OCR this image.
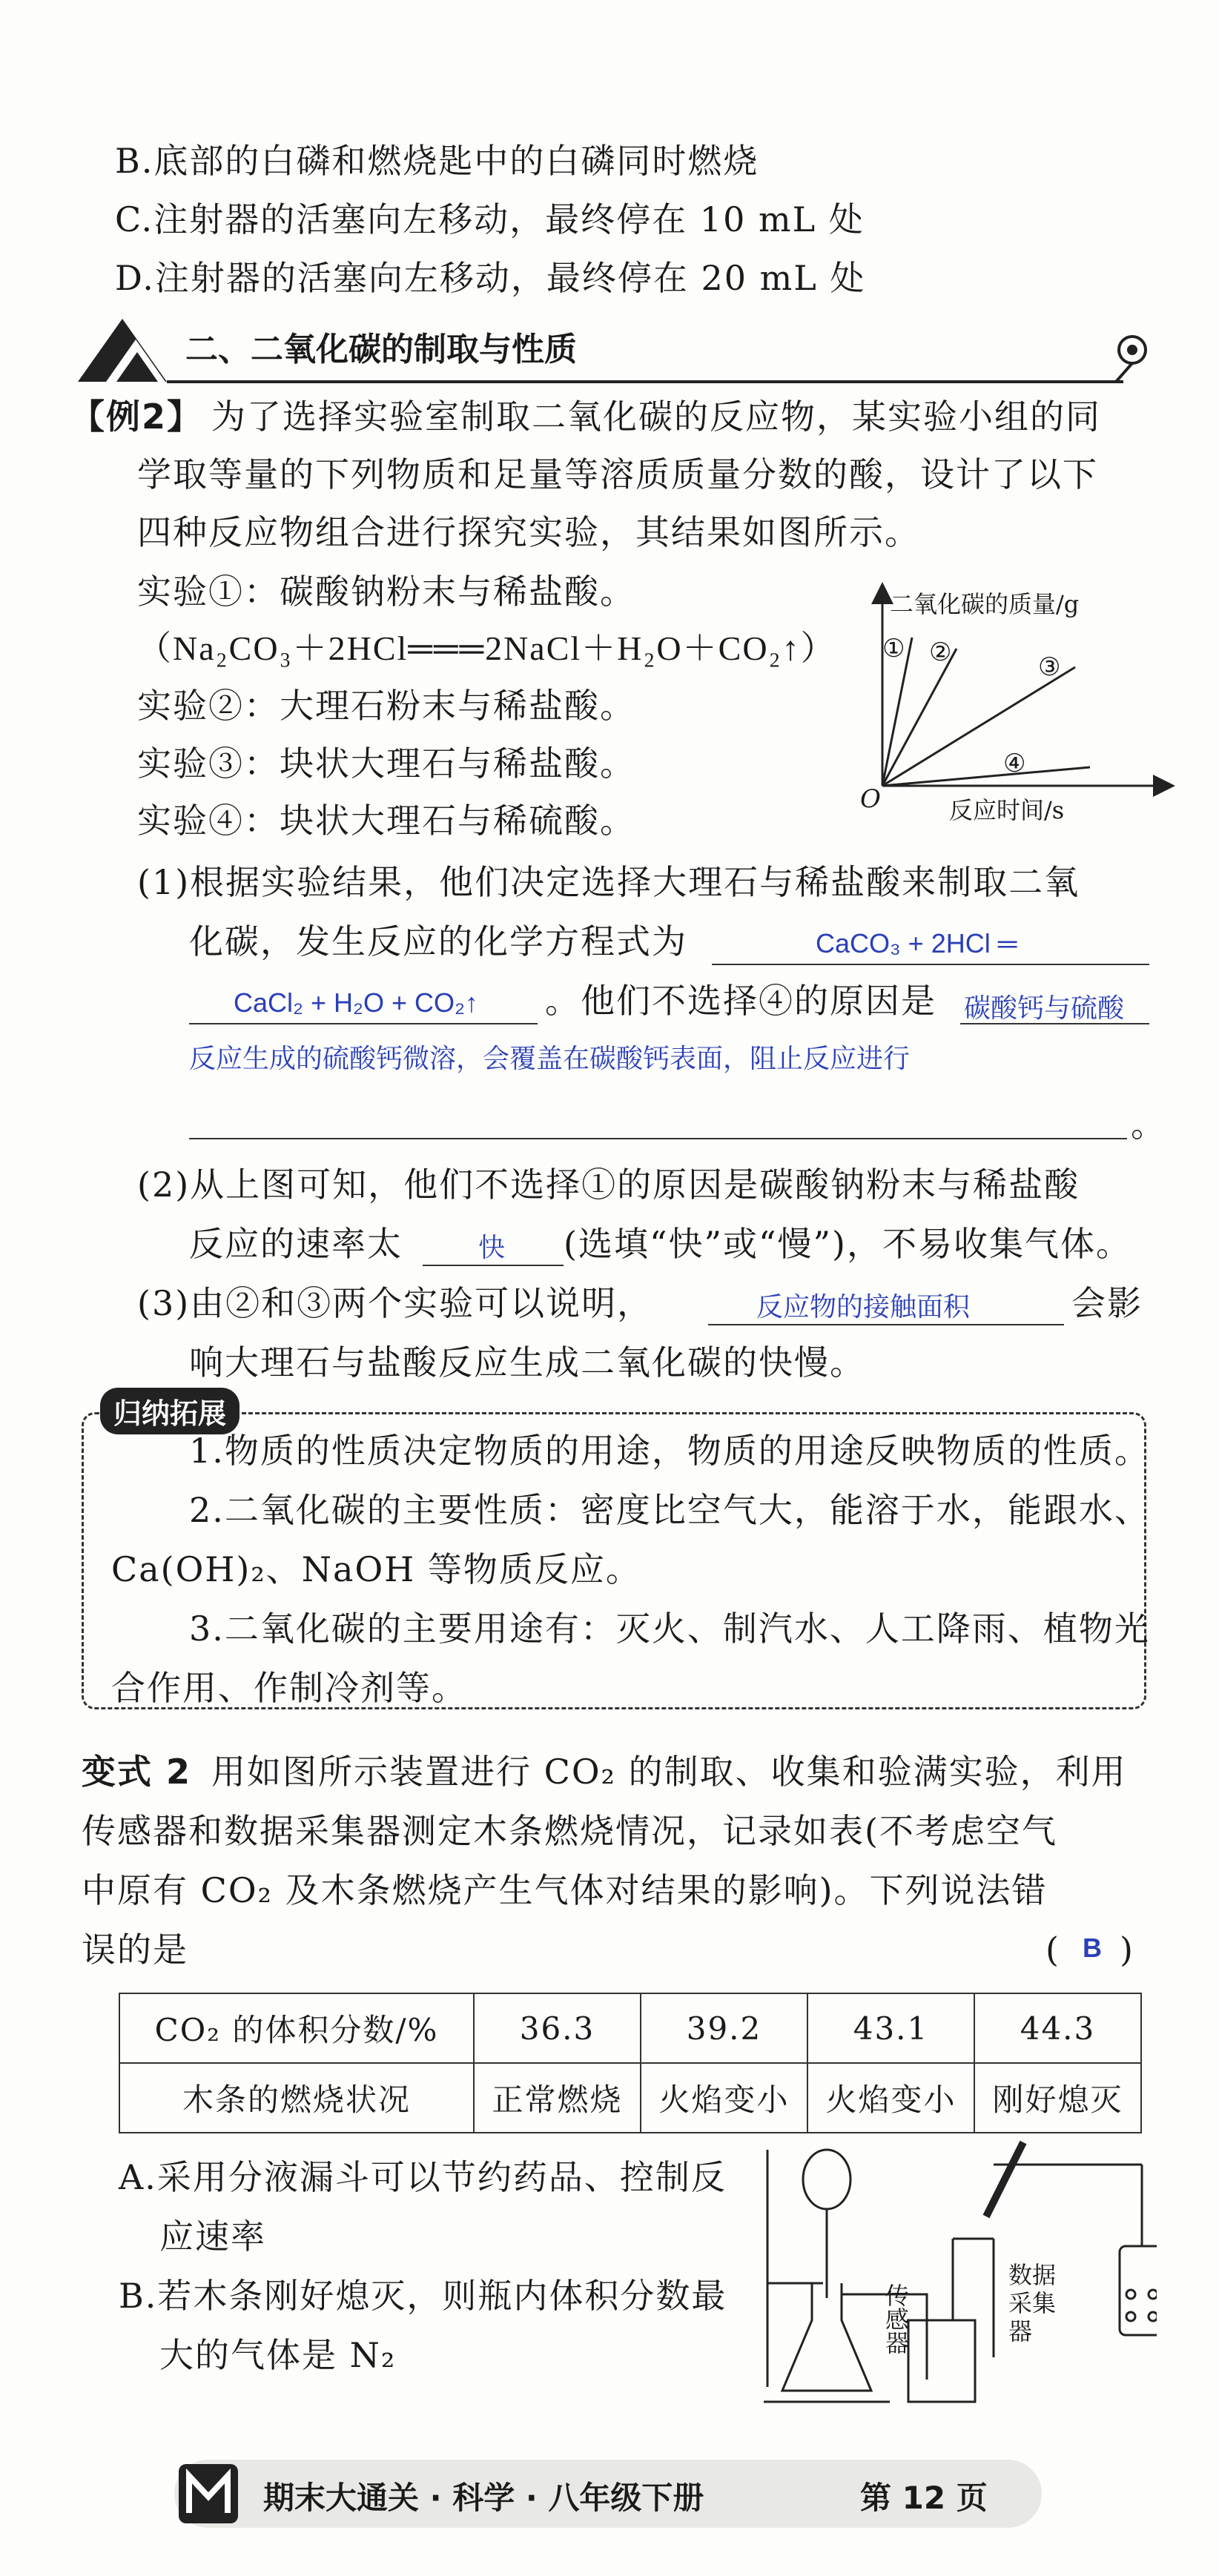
B.底部的白磷和燃烧匙中的白磷同时燃烧
C.注射器的活塞向左移动，最终停在 10 mL 处
D.注射器的活塞向左移动，最终停在 20 mL 处
二、二氧化碳的制取与性质
【例2】 为了选择实验室制取二氧化碳的反应物，某实验小组的同
学取等量的下列物质和足量等溶质质量分数的酸，设计了以下
四种反应物组合进行探究实验，其结果如图所示。
实验①：碳酸钠粉末与稀盐酸。
（Na₂CO₃＋2HCl═══2NaCl＋H₂O＋CO₂↑）
实验②：大理石粉末与稀盐酸。
实验③：块状大理石与稀盐酸。
实验④：块状大理石与稀硫酸。
二氧化碳的质量/g
反应时间/s
O
① ②	③
④
(1)根据实验结果，他们决定选择大理石与稀盐酸来制取二氧
化碳，发生反应的化学方程式为	CaCO₃ + 2HCl ═
CaCl₂ + H₂O + CO₂↑ 。他们不选择④的原因是 碳酸钙与硫酸
反应生成的硫酸钙微溶，会覆盖在碳酸钙表面，阻止反应进行
。
(2)从上图可知，他们不选择①的原因是碳酸钠粉末与稀盐酸
反应的速率太	快 (选填“快”或“慢”)，不易收集气体。
(3)由②和③两个实验可以说明，	反应物的接触面积	会影
响大理石与盐酸反应生成二氧化碳的快慢。
归纳拓展
1.物质的性质决定物质的用途，物质的用途反映物质的性质。
2.二氧化碳的主要性质：密度比空气大，能溶于水，能跟水、
Ca(OH)₂、NaOH 等物质反应。
3.二氧化碳的主要用途有：灭火、制汽水、人工降雨、植物光
合作用、作制冷剂等。
变式 2 用如图所示装置进行 CO₂ 的制取、收集和验满实验，利用
传感器和数据采集器测定木条燃烧情况，记录如表(不考虑空气
中原有 CO₂ 及木条燃烧产生气体对结果的影响)。下列说法错
误的是	( B )
CO₂ 的体积分数/%	36.3	39.2	43.1	44.3
木条的燃烧状况	正常燃烧	火焰变小	火焰变小	刚好熄灭
A.采用分液漏斗可以节约药品、控制反
应速率
B.若木条刚好熄灭，则瓶内体积分数最
大的气体是 N₂
传感器
数据采集器
期末大通关 · 科学 · 八年级下册	第 12 页
